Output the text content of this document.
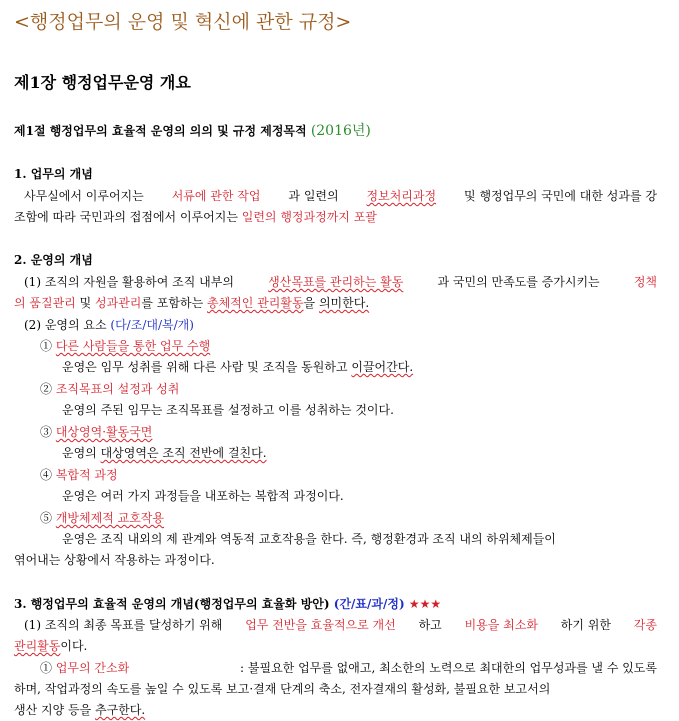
<행정업무의 운영 및 혁신에 관한 규정>
제1장 행정업무운영 개요
제1절 행정업무의 효율적 운영의 의의 및 규정 제정목적 (2016년)
1. 업무의 개념
사무실에서 이루어지는 서류에 관한 작업 과 일련의 정보처리과정 및 행정업무의 국민에 대한 성과를 강
조함에 따라 국민과의 접점에서 이루어지는 일련의 행정과정까지 포괄
2. 운영의 개념
(1) 조직의 자원을 활용하여 조직 내부의	생산목표를 관리하는 활동	과 국민의 만족도를 증가시키는	정책
의 품질관리 및 성과관리를 포함하는 총체적인 관리활동을 의미한다.
(2) 운영의 요소 (다/조/대/복/개)
① 다른 사람들을 통한 업무 수행
운영은 임무 성취를 위해 다른 사람 및 조직을 동원하고 이끌어간다.
② 조직목표의 설정과 성취
운영의 주된 임무는 조직목표를 설정하고 이를 성취하는 것이다.
③ 대상영역·활동국면
운영의 대상영역은 조직 전반에 걸친다.
④ 복합적 과정
운영은 여러 가지 과정들을 내포하는 복합적 과정이다.
⑤ 개방체제적 교호작용
운영은 조직 내외의 제 관계와 역동적 교호작용을 한다. 즉, 행정환경과 조직 내의 하위체제들이
엮어내는 상황에서 작용하는 과정이다.
3. 행정업무의 효율적 운영의 개념(행정업무의 효율화 방안) (간/표/과/정) ★★★
(1) 조직의 최종 목표를 달성하기 위해 업무 전반을 효율적으로 개선 하고 비용을 최소화 하기 위한 각종
관리활동이다.
① 업무의 간소화	: 불필요한 업무를 없애고, 최소한의 노력으로 최대한의 업무성과를 낼 수 있도록
하며, 작업과정의 속도를 높일 수 있도록 보고·결재 단계의 축소, 전자결재의 활성화, 불필요한 보고서의
생산 지양 등을 추구한다.
